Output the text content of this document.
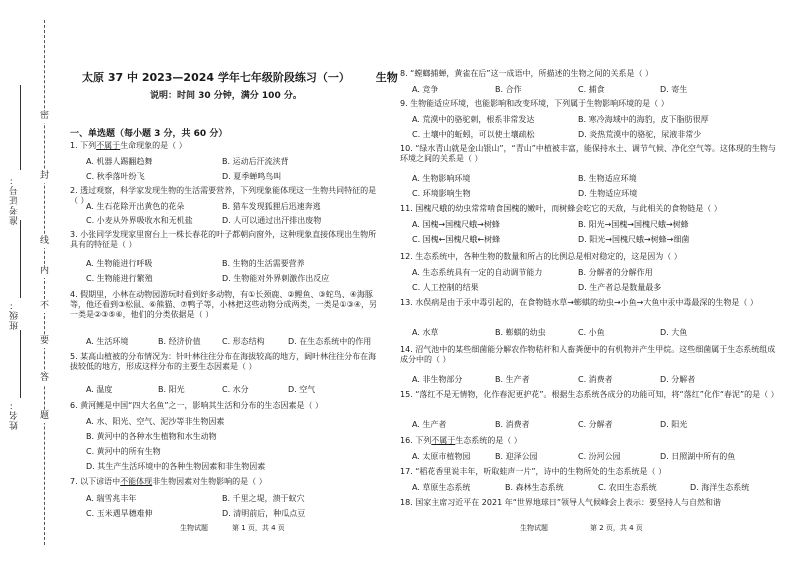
准考证号：
班级：
姓名：
密
封
线
内
不
要
答
题
太原 37 中 2023—2024 学年七年级阶段练习（一） 生物
说明：时间 30 分钟，满分 100 分。
一、单选题（每小题 3 分，共 60 分）
1. 下列不属于生命现象的是（ ）
A. 机器人踢翻趋舞	B. 运动后汗流浃背
C. 秋季落叶纷飞	D. 夏季蝉鸣鸟叫
2. 透过观察，科学家发现生物的生活需要营养，下列现象能体现这一生物共同特征的是（ ）
A. 生石花除开出黄色的花朵	B. 猎车发现狐狸后迅速奔逃
C. 小麦从外界吸收水和无机盐	D. 人可以通过出汗排出废物
3. 小张同学发现家里窗台上一株长春花的叶子都朝向窗外，这种现象直接体现出生物所具有的特征是（ ）
A. 生物能进行呼吸	B. 生物的生活需要营养
C. 生物能进行繁殖	D. 生物能对外界刺激作出反应
4. 假期里，小林在动物园游玩时看到好多动物，有①长颈鹿、②鲤鱼、③蛇鸟、④海豚等，他还看到③松鼠、⑥熊猫、⑦鸭子等，小林把这些动物分成两类，一类是①③④，另一类是②③⑤⑥，他们的分类依据是（ ）
A. 生活环境	B. 经济价值	C. 形态结构	D. 在生态系统中的作用
5. 某高山植被的分布情况为：针叶林往往分布在海拔较高的地方，阔叶林往往分布在海拔较低的地方，形成这样分布的主要生态因素是（ ）
A. 温度	B. 阳光	C. 水分	D. 空气
6. 黄河鲤是中国“四大名鱼”之一，影响其生活和分布的生态因素是（ ）
A. 水、阳光、空气、泥沙等非生物因素
B. 黄河中的各种水生植物和水生动物
C. 黄河中的所有生物
D. 其生产生活环境中的各种生物因素和非生物因素
7. 以下谚语中不能体现非生物因素对生物影响的是（ ）
A. 瑞雪兆丰年	B. 千里之堤，溃于蚁穴
C. 玉米遇旱穗难伸	D. 清明前后，种瓜点豆
生物试题	第 1 页，共 4 页
8. “螳螂捕蝉，黄雀在后”这一成语中，所描述的生物之间的关系是（ ）
A. 竞争	B. 合作	C. 捕食	D. 寄生
9. 生物能适应环境，也能影响和改变环境，下列属于生物影响环境的是（ ）
A. 荒漠中的骆驼刺，根系非常发达	B. 寒冷海域中的海豹，皮下脂肪很厚
C. 土壤中的蚯蚓，可以使土壤疏松	D. 炎热荒漠中的骆驼，尿液非常少
10. “绿水青山就是金山银山”，“青山”中植被丰富，能保持水土、调节气候、净化空气等。这体现的生物与环境之间的关系是（ ）
A. 生物影响环境	B. 生物适应环境
C. 环境影响生物	D. 生物适应环境
11. 国槐尺蛾的幼虫常常啃食国槐的嫩叶，而树蜂会吃它的天敌，与此相关的食物链是（ ）
A. 国槐→国槐尺蛾→树蜂	B. 阳光→国槐→国槐尺蛾→树蜂
C. 国槐←国槐尺蛾←树蜂	D. 阳光→国槐尺蛾→树蜂→细菌
12. 生态系统中，各种生物的数量和所占的比例总是相对稳定的，这是因为（ ）
A. 生态系统具有一定的自动调节能力	B. 分解者的分解作用
C. 人工控制的结果	D. 生产者总是数量最多
13. 水俣病是由于汞中毒引起的，在食物链水草→蟛蜞的幼虫→小鱼→大鱼中汞中毒最深的生物是（ ）
A. 水草	B. 蟛蜞的幼虫	C. 小鱼	D. 大鱼
14. 沼气池中的某些细菌能分解农作物秸秆和人畜粪便中的有机物并产生甲烷。这些细菌属于生态系统组成成分中的（ ）
A. 非生物部分	B. 生产者	C. 消费者	D. 分解者
15. “落红不是无情物，化作春泥更护花”。根据生态系统各成分的功能可知，将“落红”化作“春泥”的是（ ）
A. 生产者	B. 消费者	C. 分解者	D. 阳光
16. 下列不属于生态系统的是（ ）
A. 太原市植物园	B. 迎泽公园	C. 汾河公园	D. 日照湖中所有的鱼
17. “稻花香里说丰年，听取蛙声一片”，诗中的生物所处的生态系统是（ ）
A. 草原生态系统	B. 森林生态系统	C. 农田生态系统	D. 海洋生态系统
18. 国家主席习近平在 2021 年“世界地球日”领导人气候峰会上表示：要坚持人与自然和谐
生物试题	第 2 页，共 4 页
